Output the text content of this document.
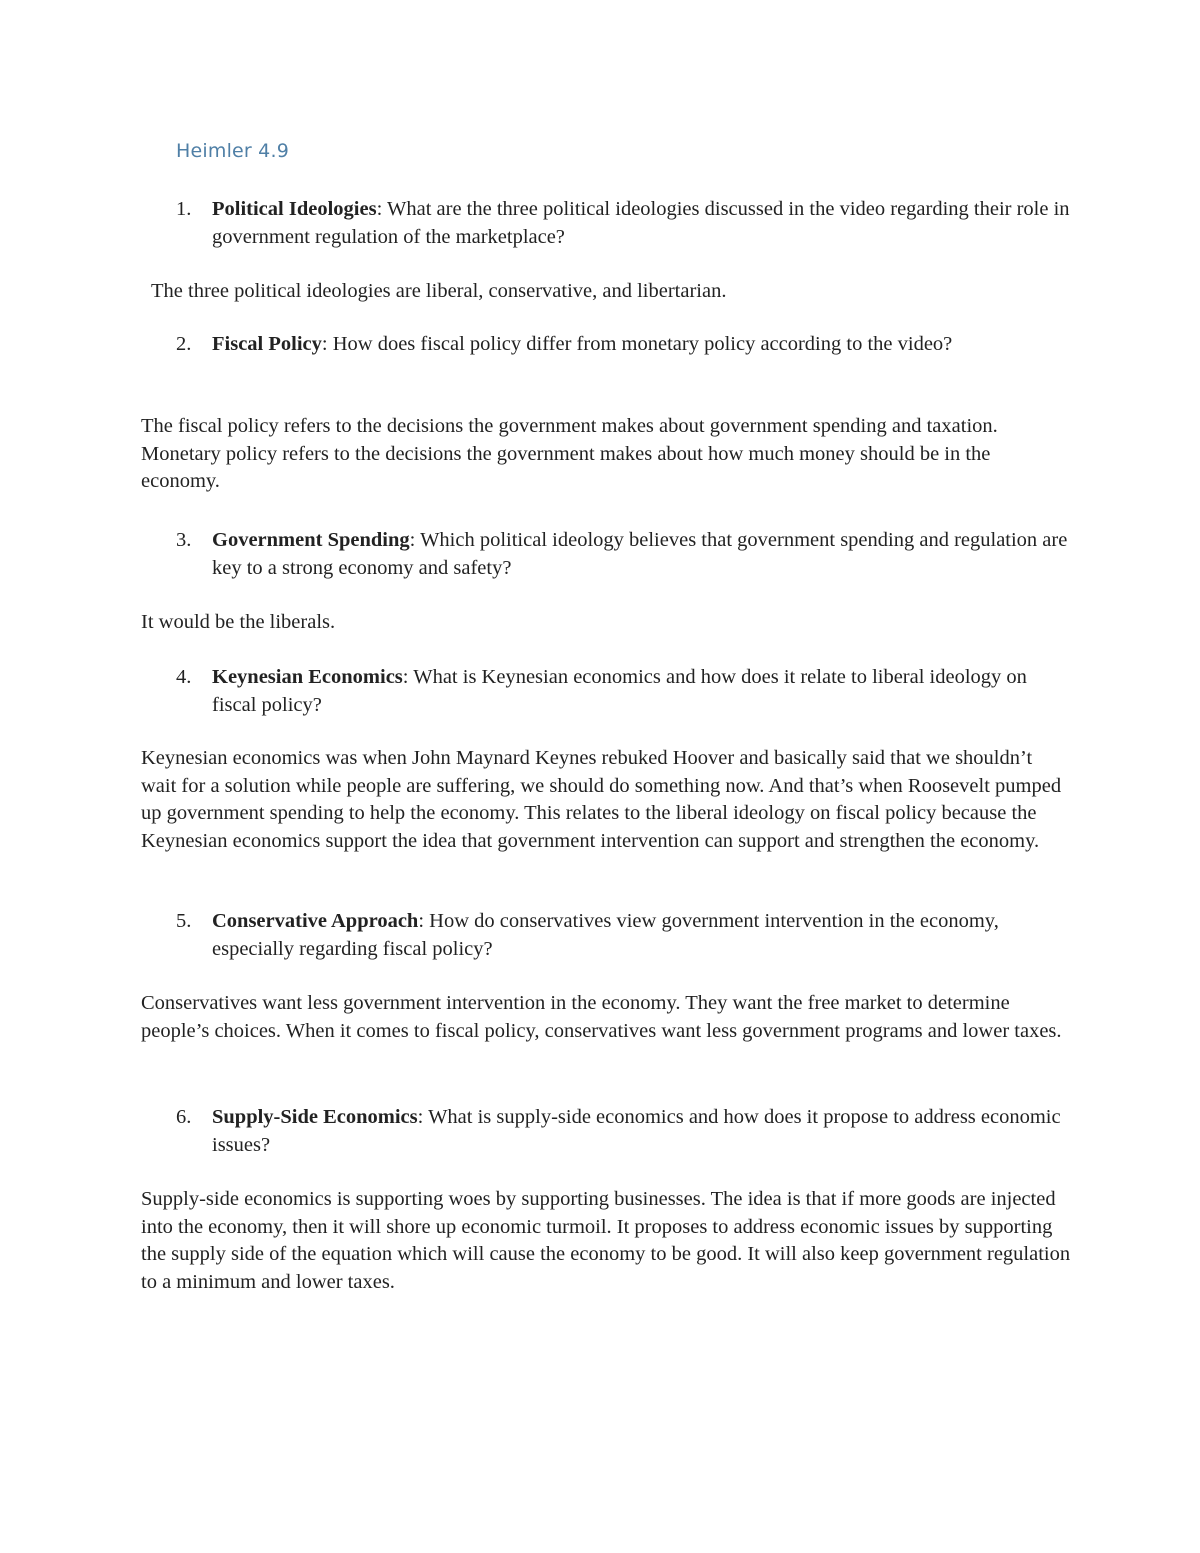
Heimler 4.9
1.	Political Ideologies: What are the three political ideologies discussed in the video regarding their role in government regulation of the marketplace?
The three political ideologies are liberal, conservative, and libertarian.
2.	Fiscal Policy: How does fiscal policy differ from monetary policy according to the video?
The fiscal policy refers to the decisions the government makes about government spending and taxation. Monetary policy refers to the decisions the government makes about how much money should be in the economy.
3.	Government Spending: Which political ideology believes that government spending and regulation are key to a strong economy and safety?
It would be the liberals.
4.	Keynesian Economics: What is Keynesian economics and how does it relate to liberal ideology on fiscal policy?
Keynesian economics was when John Maynard Keynes rebuked Hoover and basically said that we shouldn’t wait for a solution while people are suffering, we should do something now. And that’s when Roosevelt pumped up government spending to help the economy. This relates to the liberal ideology on fiscal policy because the Keynesian economics support the idea that government intervention can support and strengthen the economy.
5.	Conservative Approach: How do conservatives view government intervention in the economy, especially regarding fiscal policy?
Conservatives want less government intervention in the economy. They want the free market to determine people’s choices. When it comes to fiscal policy, conservatives want less government programs and lower taxes.
6.	Supply-Side Economics: What is supply-side economics and how does it propose to address economic issues?
Supply-side economics is supporting woes by supporting businesses. The idea is that if more goods are injected into the economy, then it will shore up economic turmoil. It proposes to address economic issues by supporting the supply side of the equation which will cause the economy to be good. It will also keep government regulation to a minimum and lower taxes.
